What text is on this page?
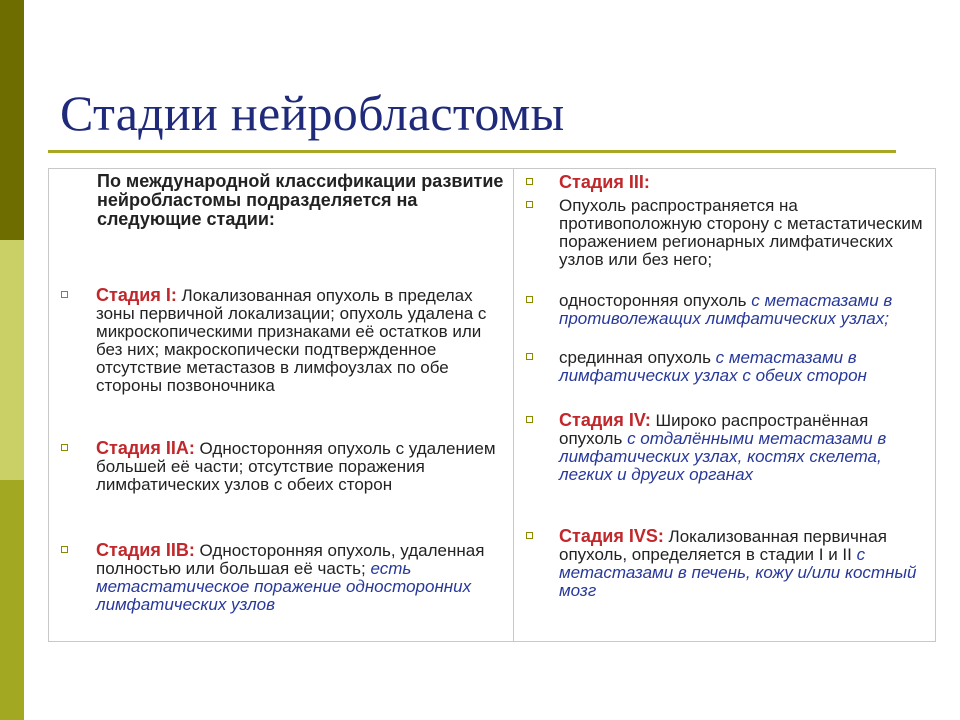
Стадии нейробластомы
По международной классификации развитие нейробластомы подразделяется на следующие стадии:
Стадия I: Локализованная опухоль в пределах зоны первичной локализации; опухоль удалена с микроскопическими признаками её остатков или без них; макроскопически подтвержденное отсутствие метастазов в лимфоузлах по обе стороны позвоночника
Стадия IIA: Односторонняя опухоль с удалением большей её части; отсутствие поражения лимфатических узлов с обеих сторон
Стадия IIB: Односторонняя опухоль, удаленная полностью или большая её часть; есть метастатическое поражение односторонних лимфатических узлов
Стадия III:
Опухоль распространяется на противоположную сторону с метастатическим поражением регионарных лимфатических узлов или без него;
односторонняя опухоль с метастазами в противолежащих лимфатических узлах;
срединная опухоль с метастазами в лимфатических узлах с обеих сторон
Стадия IV: Широко распространённая опухоль с отдалёнными метастазами в лимфатических узлах, костях скелета, легких и других органах
Стадия IVS: Локализованная первичная опухоль, определяется в стадии I и II с метастазами в печень, кожу и/или костный мозг
